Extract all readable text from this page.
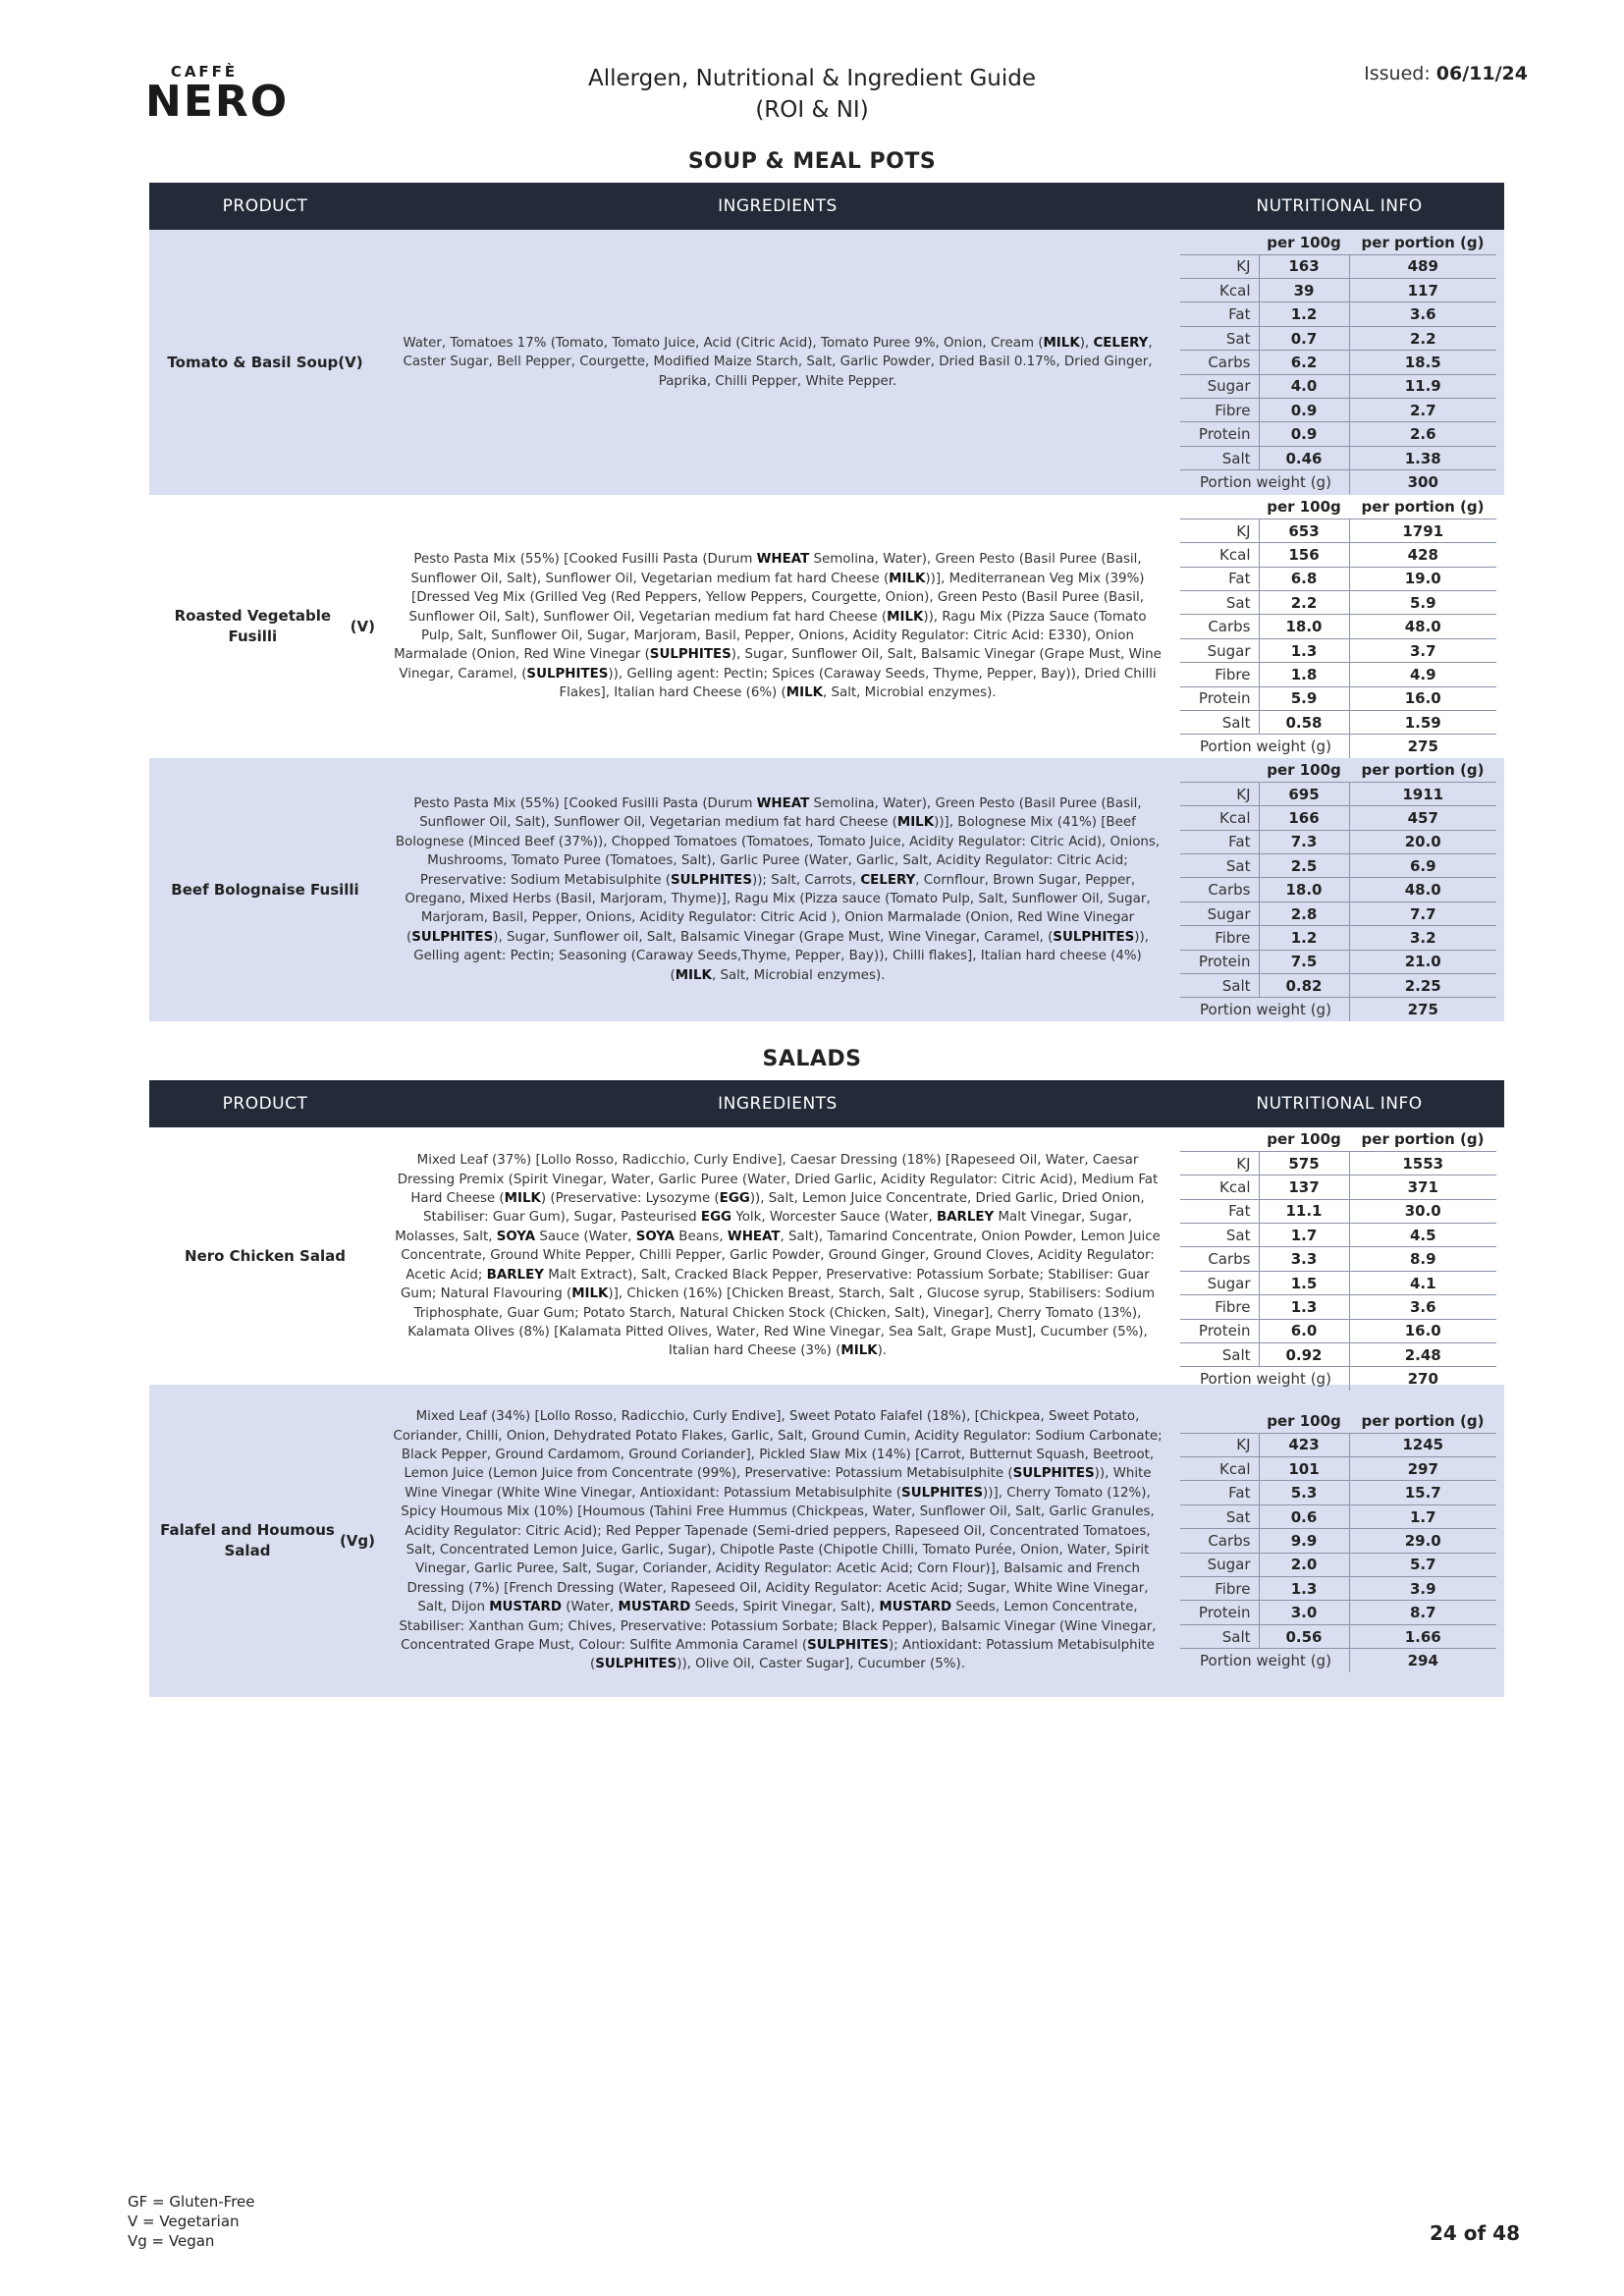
CAFFÈ
NERO	Allergen, Nutritional & Ingredient Guide
(ROI & NI)
Issued: 06/11/24
SOUP & MEAL POTS
PRODUCT	INGREDIENTS	NUTRITIONAL INFO
Tomato & Basil Soup (V)
Water, Tomatoes 17% (Tomato, Tomato Juice, Acid (Citric Acid), Tomato Puree 9%, Onion, Cream (MILK), CELERY, Caster Sugar, Bell Pepper, Courgette, Modified Maize Starch, Salt, Garlic Powder, Dried Basil 0.17%, Dried Ginger, Paprika, Chilli Pepper, White Pepper.
	per 100g	per portion (g)
KJ	163	489
Kcal	39	117
Fat	1.2	3.6
Sat	0.7	2.2
Carbs	6.2	18.5
Sugar	4.0	11.9
Fibre	0.9	2.7
Protein	0.9	2.6
Salt	0.46	1.38
Portion weight (g)		300
Roasted Vegetable Fusilli
(V)
Pesto Pasta Mix (55%) [Cooked Fusilli Pasta (Durum WHEAT Semolina, Water), Green Pesto (Basil Puree (Basil, Sunflower Oil, Salt), Sunflower Oil, Vegetarian medium fat hard Cheese (MILK))], Mediterranean Veg Mix (39%) [Dressed Veg Mix (Grilled Veg (Red Peppers, Yellow Peppers, Courgette, Onion), Green Pesto (Basil Puree (Basil, Sunflower Oil, Salt), Sunflower Oil, Vegetarian medium fat hard Cheese (MILK)), Ragu Mix (Pizza Sauce (Tomato Pulp, Salt, Sunflower Oil, Sugar, Marjoram, Basil, Pepper, Onions, Acidity Regulator: Citric Acid: E330), Onion Marmalade (Onion, Red Wine Vinegar (SULPHITES), Sugar, Sunflower Oil, Salt, Balsamic Vinegar (Grape Must, Wine Vinegar, Caramel, (SULPHITES)), Gelling agent: Pectin; Spices (Caraway Seeds, Thyme, Pepper, Bay)), Dried Chilli Flakes], Italian hard Cheese (6%) (MILK, Salt, Microbial enzymes).
	per 100g	per portion (g)
KJ	653	1791
Kcal	156	428
Fat	6.8	19.0
Sat	2.2	5.9
Carbs	18.0	48.0
Sugar	1.3	3.7
Fibre	1.8	4.9
Protein	5.9	16.0
Salt	0.58	1.59
Portion weight (g)		275
Beef Bolognaise Fusilli
Pesto Pasta Mix (55%) [Cooked Fusilli Pasta (Durum WHEAT Semolina, Water), Green Pesto (Basil Puree (Basil, Sunflower Oil, Salt), Sunflower Oil, Vegetarian medium fat hard Cheese (MILK))], Bolognese Mix (41%) [Beef Bolognese (Minced Beef (37%)), Chopped Tomatoes (Tomatoes, Tomato Juice, Acidity Regulator: Citric Acid), Onions, Mushrooms, Tomato Puree (Tomatoes, Salt), Garlic Puree (Water, Garlic, Salt, Acidity Regulator: Citric Acid; Preservative: Sodium Metabisulphite (SULPHITES)); Salt, Carrots, CELERY, Cornflour, Brown Sugar, Pepper, Oregano, Mixed Herbs (Basil, Marjoram, Thyme)], Ragu Mix (Pizza sauce (Tomato Pulp, Salt, Sunflower Oil, Sugar, Marjoram, Basil, Pepper, Onions, Acidity Regulator: Citric Acid ), Onion Marmalade (Onion, Red Wine Vinegar (SULPHITES), Sugar, Sunflower oil, Salt, Balsamic Vinegar (Grape Must, Wine Vinegar, Caramel, (SULPHITES)), Gelling agent: Pectin; Seasoning (Caraway Seeds,Thyme, Pepper, Bay)), Chilli flakes], Italian hard cheese (4%) (MILK, Salt, Microbial enzymes).
	per 100g	per portion (g)
KJ	695	1911
Kcal	166	457
Fat	7.3	20.0
Sat	2.5	6.9
Carbs	18.0	48.0
Sugar	2.8	7.7
Fibre	1.2	3.2
Protein	7.5	21.0
Salt	0.82	2.25
Portion weight (g)		275
SALADS
PRODUCT	INGREDIENTS	NUTRITIONAL INFO
Nero Chicken Salad
Mixed Leaf (37%) [Lollo Rosso, Radicchio, Curly Endive], Caesar Dressing (18%) [Rapeseed Oil, Water, Caesar Dressing Premix (Spirit Vinegar, Water, Garlic Puree (Water, Dried Garlic, Acidity Regulator: Citric Acid), Medium Fat Hard Cheese (MILK) (Preservative: Lysozyme (EGG)), Salt, Lemon Juice Concentrate, Dried Garlic, Dried Onion, Stabiliser: Guar Gum), Sugar, Pasteurised EGG Yolk, Worcester Sauce (Water, BARLEY Malt Vinegar, Sugar, Molasses, Salt, SOYA Sauce (Water, SOYA Beans, WHEAT, Salt), Tamarind Concentrate, Onion Powder, Lemon Juice Concentrate, Ground White Pepper, Chilli Pepper, Garlic Powder, Ground Ginger, Ground Cloves, Acidity Regulator: Acetic Acid; BARLEY Malt Extract), Salt, Cracked Black Pepper, Preservative: Potassium Sorbate; Stabiliser: Guar Gum; Natural Flavouring (MILK)], Chicken (16%) [Chicken Breast, Starch, Salt , Glucose syrup, Stabilisers: Sodium Triphosphate, Guar Gum; Potato Starch, Natural Chicken Stock (Chicken, Salt), Vinegar], Cherry Tomato (13%), Kalamata Olives (8%) [Kalamata Pitted Olives, Water, Red Wine Vinegar, Sea Salt, Grape Must], Cucumber (5%), Italian hard Cheese (3%) (MILK).
	per 100g	per portion (g)
KJ	575	1553
Kcal	137	371
Fat	11.1	30.0
Sat	1.7	4.5
Carbs	3.3	8.9
Sugar	1.5	4.1
Fibre	1.3	3.6
Protein	6.0	16.0
Salt	0.92	2.48
Portion weight (g)		270
Falafel and Houmous Salad
(Vg)
Mixed Leaf (34%) [Lollo Rosso, Radicchio, Curly Endive], Sweet Potato Falafel (18%), [Chickpea, Sweet Potato, Coriander, Chilli, Onion, Dehydrated Potato Flakes, Garlic, Salt, Ground Cumin, Acidity Regulator: Sodium Carbonate; Black Pepper, Ground Cardamom, Ground Coriander], Pickled Slaw Mix (14%) [Carrot, Butternut Squash, Beetroot, Lemon Juice (Lemon Juice from Concentrate (99%), Preservative: Potassium Metabisulphite (SULPHITES)), White Wine Vinegar (White Wine Vinegar, Antioxidant: Potassium Metabisulphite (SULPHITES))], Cherry Tomato (12%), Spicy Houmous Mix (10%) [Houmous (Tahini Free Hummus (Chickpeas, Water, Sunflower Oil, Salt, Garlic Granules, Acidity Regulator: Citric Acid); Red Pepper Tapenade (Semi-dried peppers, Rapeseed Oil, Concentrated Tomatoes, Salt, Concentrated Lemon Juice, Garlic, Sugar), Chipotle Paste (Chipotle Chilli, Tomato Purée, Onion, Water, Spirit Vinegar, Garlic Puree, Salt, Sugar, Coriander, Acidity Regulator: Acetic Acid; Corn Flour)], Balsamic and French Dressing (7%) [French Dressing (Water, Rapeseed Oil, Acidity Regulator: Acetic Acid; Sugar, White Wine Vinegar, Salt, Dijon MUSTARD (Water, MUSTARD Seeds, Spirit Vinegar, Salt), MUSTARD Seeds, Lemon Concentrate, Stabiliser: Xanthan Gum; Chives, Preservative: Potassium Sorbate; Black Pepper), Balsamic Vinegar (Wine Vinegar, Concentrated Grape Must, Colour: Sulfite Ammonia Caramel (SULPHITES); Antioxidant: Potassium Metabisulphite (SULPHITES)), Olive Oil, Caster Sugar], Cucumber (5%).
	per 100g	per portion (g)
KJ	423	1245
Kcal	101	297
Fat	5.3	15.7
Sat	0.6	1.7
Carbs	9.9	29.0
Sugar	2.0	5.7
Fibre	1.3	3.9
Protein	3.0	8.7
Salt	0.56	1.66
Portion weight (g)		294
GF = Gluten-Free
V = Vegetarian
Vg = Vegan	24 of 48
